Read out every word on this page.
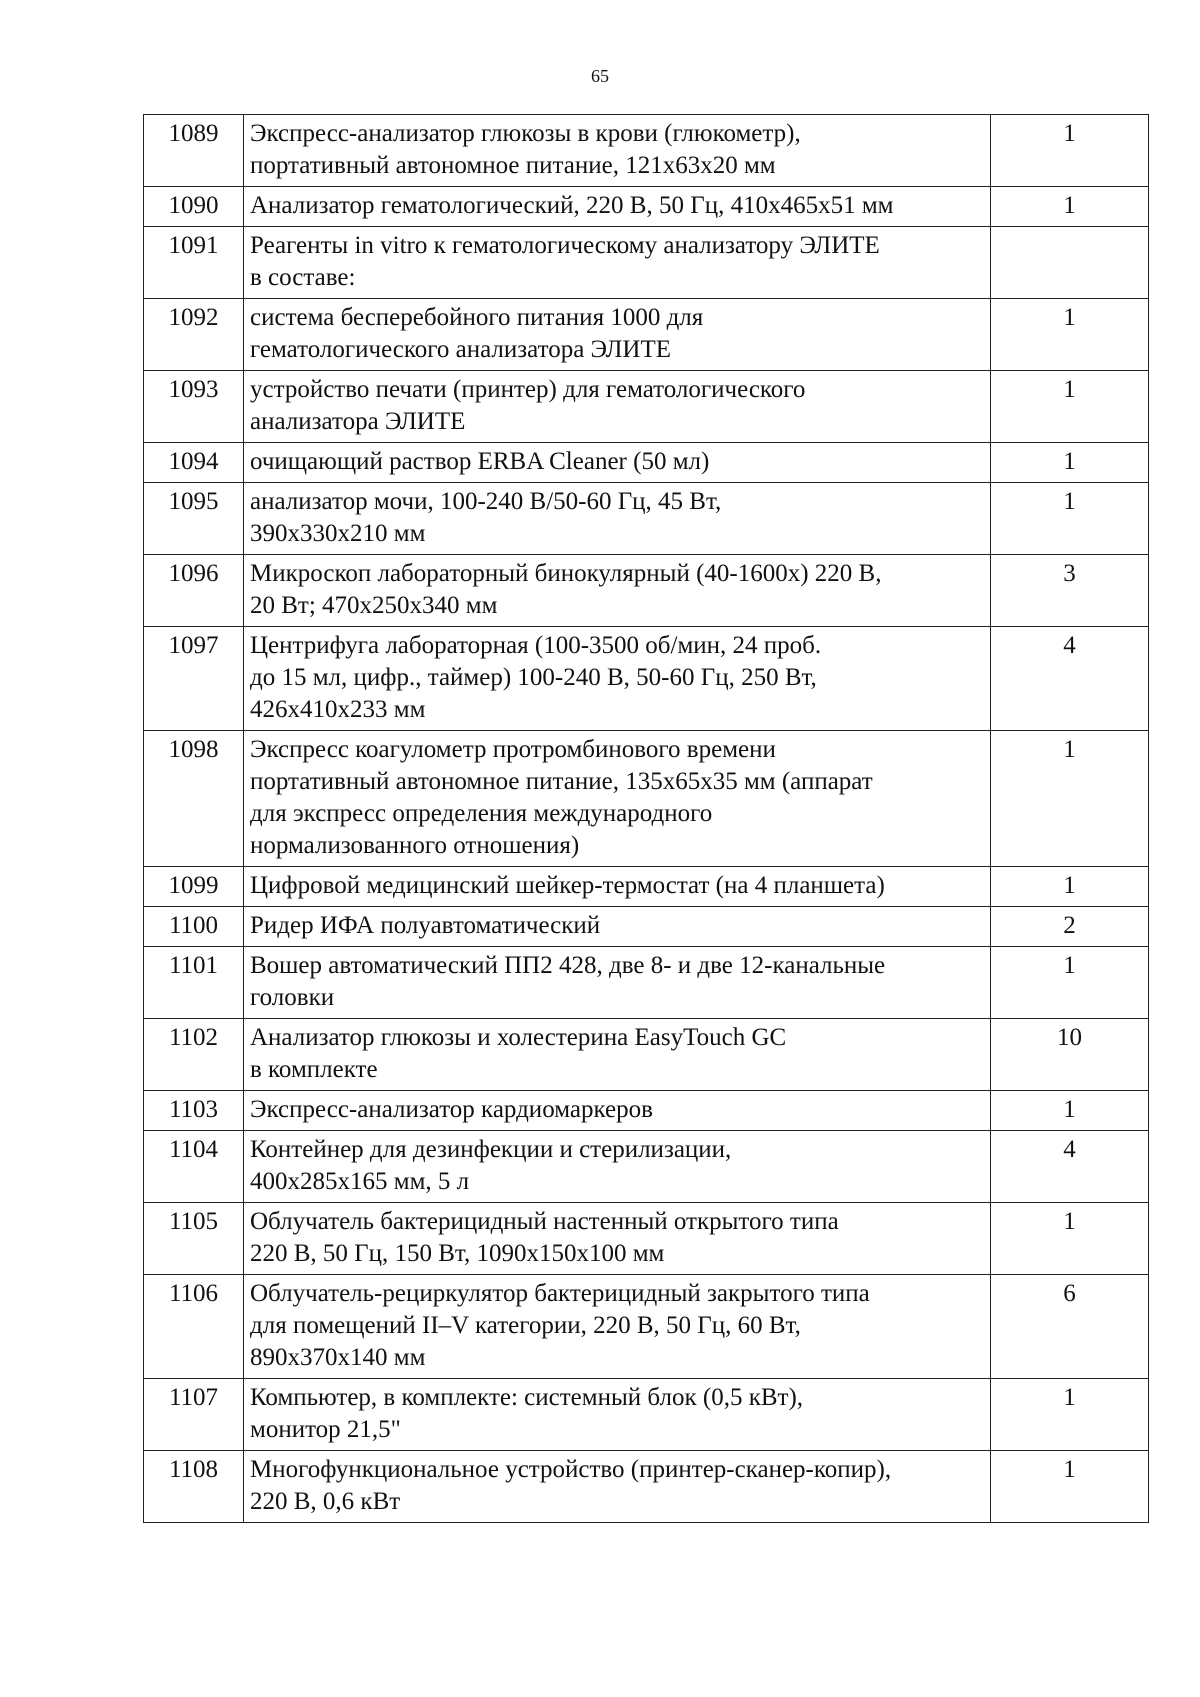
65
1089	Экспресс-анализатор глюкозы в крови (глюкометр),
портативный автономное питание, 121х63х20 мм	1
1090	Анализатор гематологический, 220 В, 50 Гц, 410х465х51 мм	1
1091	Реагенты in vitro к гематологическому анализатору ЭЛИТЕ
в составе:	

1092	система бесперебойного питания 1000 для
гематологического анализатора ЭЛИТЕ	1
1093	устройство печати (принтер) для гематологического
анализатора ЭЛИТЕ	1
1094	очищающий раствор ERBA Cleaner (50 мл)	1
1095	анализатор мочи, 100-240 В/50-60 Гц, 45 Вт,
390х330х210 мм	1
1096	Микроскоп лабораторный бинокулярный (40-1600х) 220 В,
20 Вт; 470х250х340 мм	3
1097	Центрифуга лабораторная (100-3500 об/мин, 24 проб.
до 15 мл, цифр., таймер) 100-240 В, 50-60 Гц, 250 Вт,
426х410х233 мм	4
1098	Экспресс коагулометр протромбинового времени
портативный автономное питание, 135х65х35 мм (аппарат
для экспресс определения международного
нормализованного отношения)	1
1099	Цифровой медицинский шейкер-термостат (на 4 планшета)	1
1100	Ридер ИФА полуавтоматический	2
1101	Вошер автоматический ПП2 428, две 8- и две 12-канальные
головки	1
1102	Анализатор глюкозы и холестерина EasyTouch GC
в комплекте	10
1103	Экспресс-анализатор кардиомаркеров	1
1104	Контейнер для дезинфекции и стерилизации,
400х285х165 мм, 5 л	4
1105	Облучатель бактерицидный настенный открытого типа
220 В, 50 Гц, 150 Вт, 1090х150х100 мм	1
1106	Облучатель-рециркулятор бактерицидный закрытого типа
для помещений II–V категории, 220 В, 50 Гц, 60 Вт,
890х370х140 мм	6
1107	Компьютер, в комплекте: системный блок (0,5 кВт),
монитор 21,5"	1
1108	Многофункциональное устройство (принтер-сканер-копир),
220 В, 0,6 кВт	1
